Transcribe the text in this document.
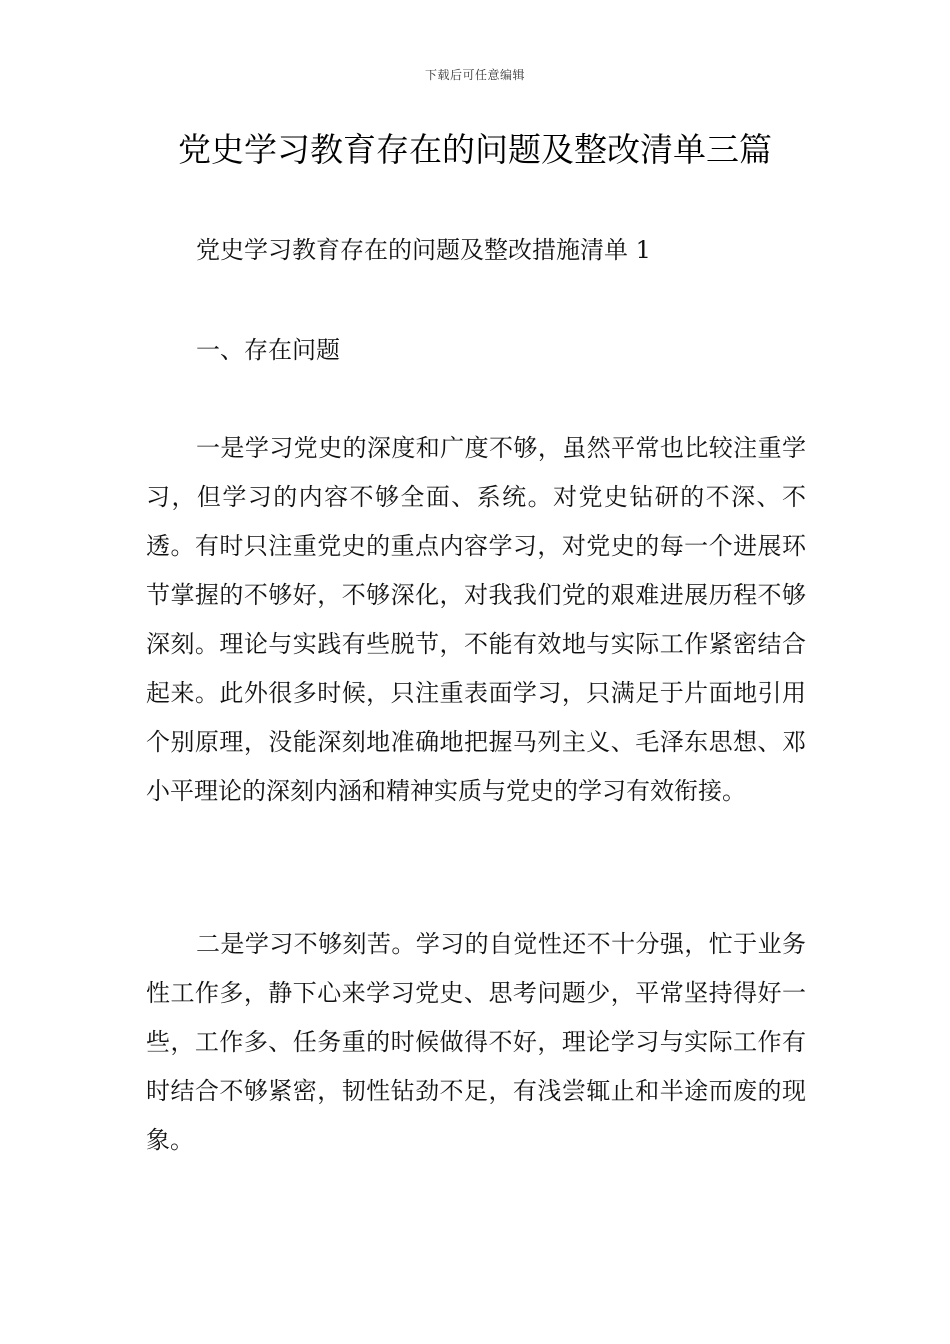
下载后可任意编辑
党史学习教育存在的问题及整改清单三篇

党史学习教育存在的问题及整改措施清单 1

一、存在问题

一是学习党史的深度和广度不够，虽然平常也比较注重学习，但学习的内容不够全面、系统。对党史钻研的不深、不透。有时只注重党史的重点内容学习，对党史的每一个进展环节掌握的不够好，不够深化，对我我们党的艰难进展历程不够深刻。理论与实践有些脱节，不能有效地与实际工作紧密结合起来。此外很多时候，只注重表面学习，只满足于片面地引用个别原理，没能深刻地准确地把握马列主义、毛泽东思想、邓小平理论的深刻内涵和精神实质与党史的学习有效衔接。

二是学习不够刻苦。学习的自觉性还不十分强，忙于业务性工作多，静下心来学习党史、思考问题少，平常坚持得好一些，工作多、任务重的时候做得不好，理论学习与实际工作有时结合不够紧密，韧性钻劲不足，有浅尝辄止和半途而废的现象。
